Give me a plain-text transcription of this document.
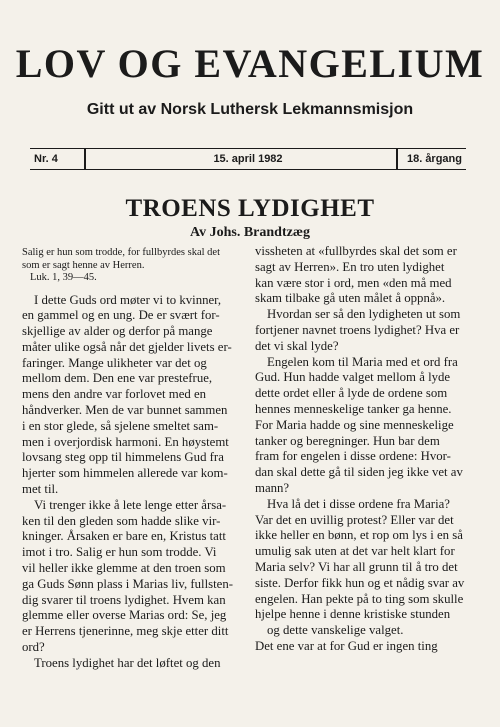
LOV OG EVANGELIUM
Gitt ut av Norsk Luthersk Lekmannsmisjon
Nr. 4	15. april 1982	18. årgang
TROENS LYDIGHET
Av Johs. Brandtzæg
Salig er hun som trodde, for fullbyrdes skal det
som er sagt henne av Herren.
Luk. 1, 39—45.

I dette Guds ord møter vi to kvinner,

en gammel og en ung. De er svært for-

skjellige av alder og derfor på mange

måter ulike også når det gjelder livets er-

faringer. Mange ulikheter var det og

mellom dem. Den ene var prestefrue,

mens den andre var forlovet med en

håndverker. Men de var bunnet sammen

i en stor glede, så sjelene smeltet sam-

men i overjordisk harmoni. En høystemt

lovsang steg opp til himmelens Gud fra

hjerter som himmelen allerede var kom-

met til.

Vi trenger ikke å lete lenge etter årsa-

ken til den gleden som hadde slike vir-

kninger. Årsaken er bare en, Kristus tatt

imot i tro. Salig er hun som trodde. Vi

vil heller ikke glemme at den troen som

ga Guds Sønn plass i Marias liv, fullsten-

dig svarer til troens lydighet. Hvem kan

glemme eller overse Marias ord: Se, jeg

er Herrens tjenerinne, meg skje etter ditt

ord?

Troens lydighet har det løftet og den

vissheten at «fullbyrdes skal det som er

sagt av Herren». En tro uten lydighet

kan være stor i ord, men «den må med

skam tilbake gå uten målet å oppnå».

Hvordan ser så den lydigheten ut som

fortjener navnet troens lydighet? Hva er

det vi skal lyde?

Engelen kom til Maria med et ord fra

Gud. Hun hadde valget mellom å lyde

dette ordet eller å lyde de ordene som

hennes menneskelige tanker ga henne.

For Maria hadde og sine menneskelige

tanker og beregninger. Hun bar dem

fram for engelen i disse ordene: Hvor-

dan skal dette gå til siden jeg ikke vet av

mann?

Hva lå det i disse ordene fra Maria?

Var det en uvillig protest? Eller var det

ikke heller en bønn, et rop om lys i en så

umulig sak uten at det var helt klart for

Maria selv? Vi har all grunn til å tro det

siste. Derfor fikk hun og et nådig svar av

engelen. Han pekte på to ting som skulle

hjelpe henne i denne kristiske stunden

og dette vanskelige valget.

Det ene var at for Gud er ingen ting
